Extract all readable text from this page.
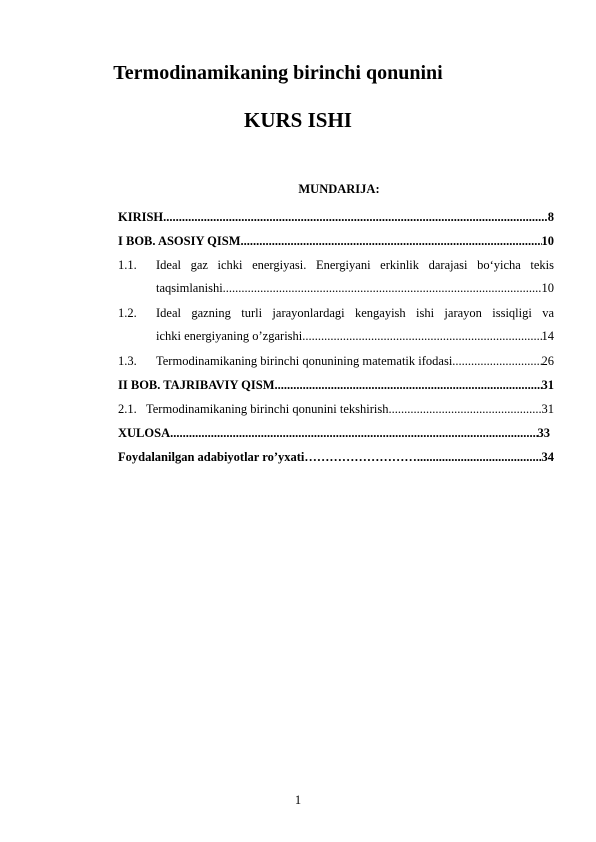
Termodinamikaning birinchi qonunini
KURS ISHI
MUNDARIJA:
KIRISH .....	8
I BOB. ASOSIY QISM .....	10
1.1. Ideal gaz ichki energiyasi. Energiyani erkinlik darajasi bo‘yicha tekis
taqsimlanishi .....	10
1.2. Ideal gazning turli jarayonlardagi kengayish ishi jarayon issiqligi va
ichki energiyaning o’zgarishi .....	14
1.3. Termodinamikaning birinchi qonunining matematik ifodasi .....	26
II BOB. TAJRIBAVIY QISM .....	31
2.1. Termodinamikaning birinchi qonunini tekshirish .....	31
XULOSA .....	33
Foydalanilgan adabiyotlar ro’yxati ……………………… .....	34
1
